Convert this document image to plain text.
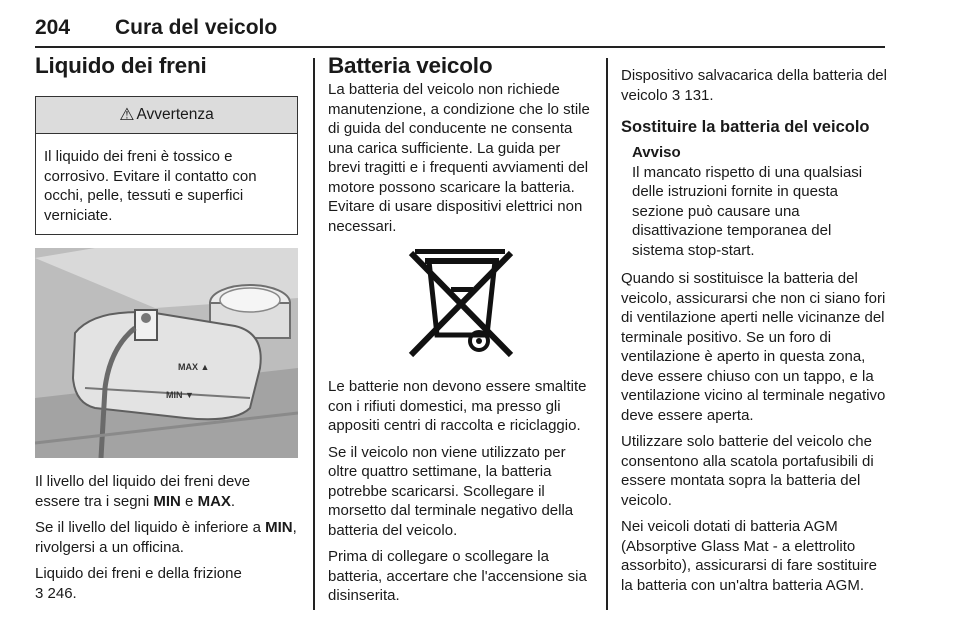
204 Cura del veicolo
Liquido dei freni
⚠ Avvertenza
Il liquido dei freni è tossico e corrosivo. Evitare il contatto con occhi, pelle, tessuti e superfici verniciate.
MAX ▲
MIN ▼

Il livello del liquido dei freni deve essere tra i segni MIN e MAX.

Se il livello del liquido è inferiore a MIN, rivolgersi a un officina.

Liquido dei freni e della frizione
3 246.

Batteria veicolo

La batteria del veicolo non richiede manutenzione, a condizione che lo stile di guida del conducente ne consenta una carica sufficiente. La guida per brevi tragitti e i frequenti avviamenti del motore possono scaricare la batteria. Evitare di usare dispositivi elettrici non necessari.

Le batterie non devono essere smaltite con i rifiuti domestici, ma presso gli appositi centri di raccolta e riciclaggio.

Se il veicolo non viene utilizzato per oltre quattro settimane, la batteria potrebbe scaricarsi. Scollegare il morsetto dal terminale negativo della batteria del veicolo.

Prima di collegare o scollegare la batteria, accertare che l'accensione sia disinserita.

Dispositivo salvacarica della batteria del veicolo 3 131.

Sostituire la batteria del veicolo
Avviso
Il mancato rispetto di una qualsiasi delle istruzioni fornite in questa sezione può causare una disattivazione temporanea del sistema stop-start.

Quando si sostituisce la batteria del veicolo, assicurarsi che non ci siano fori di ventilazione aperti nelle vicinanze del terminale positivo. Se un foro di ventilazione è aperto in questa zona, deve essere chiuso con un tappo, e la ventilazione vicino al terminale negativo deve essere aperta.

Utilizzare solo batterie del veicolo che consentono alla scatola portafusibili di essere montata sopra la batteria del veicolo.

Nei veicoli dotati di batteria AGM (Absorptive Glass Mat - a elettrolito assorbito), assicurarsi di fare sostituire la batteria con un'altra batteria AGM.
